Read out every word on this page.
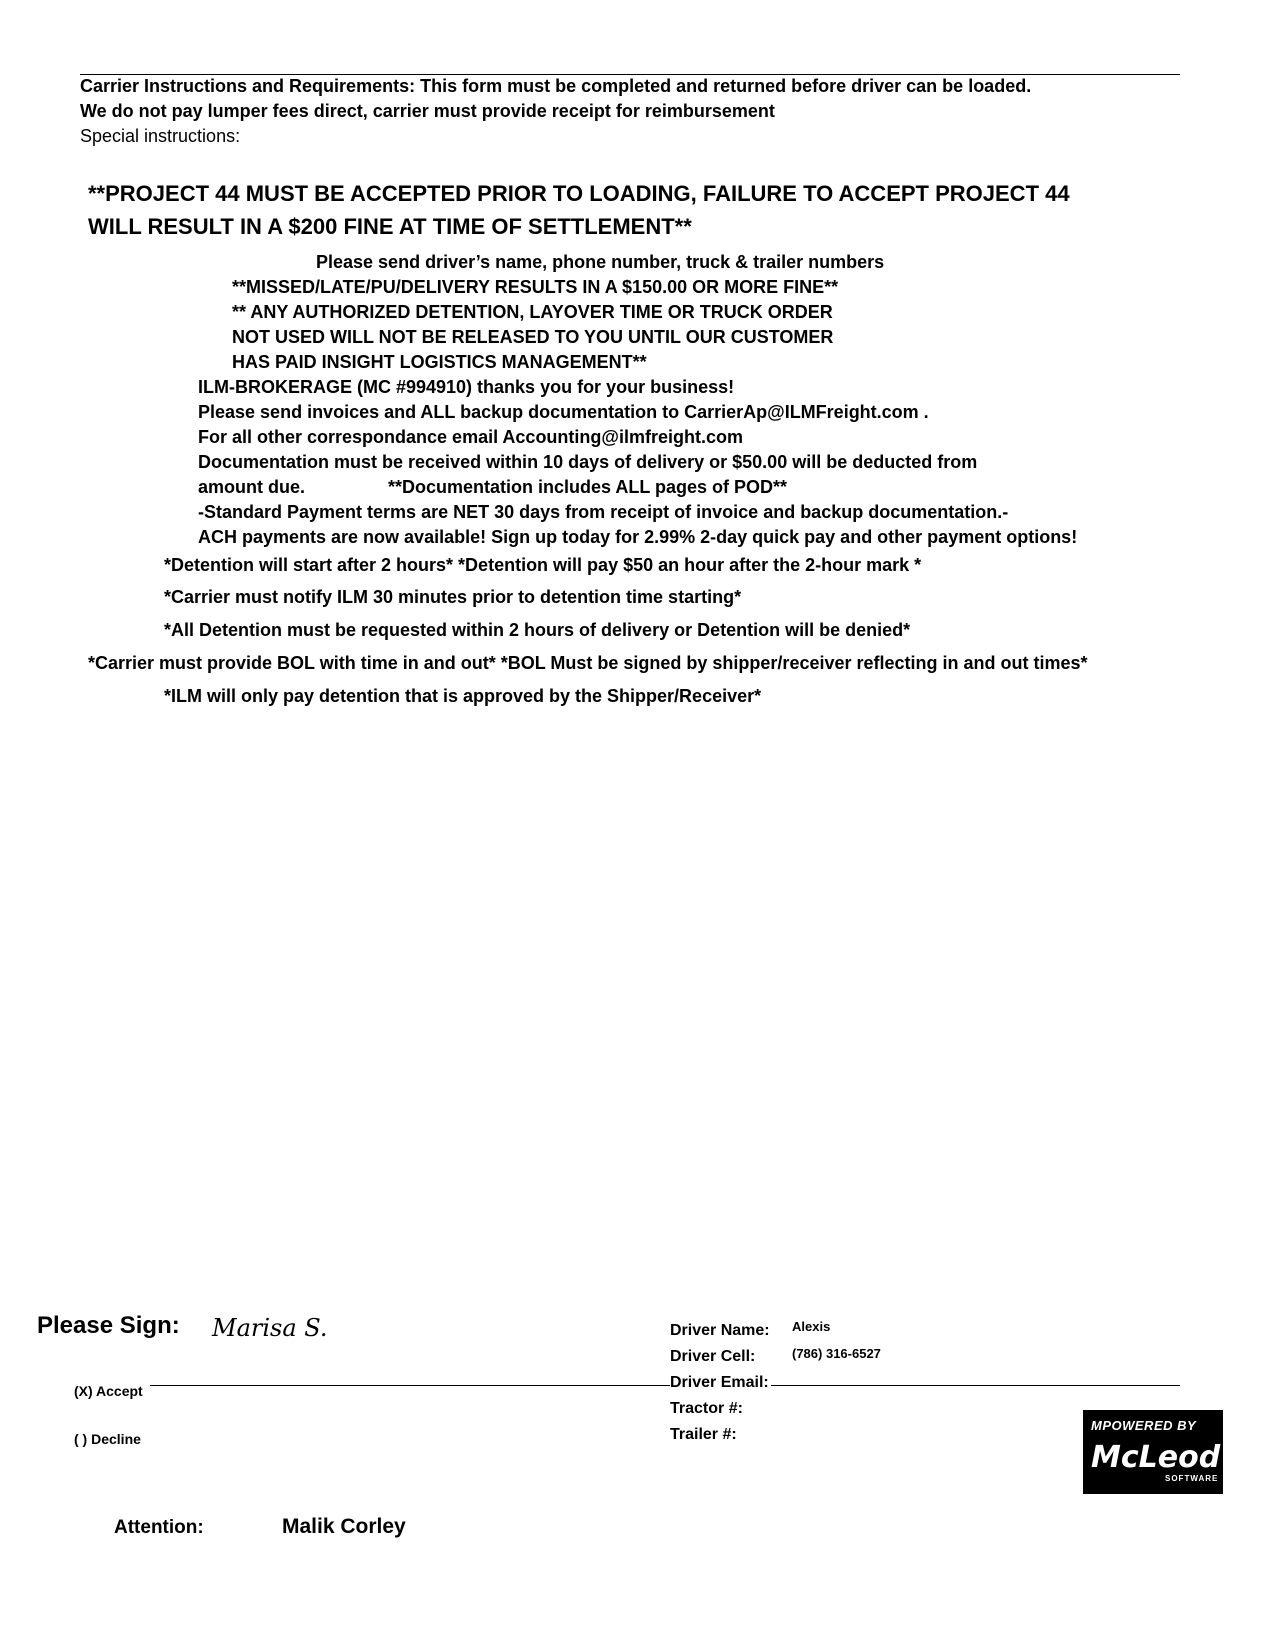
Carrier Instructions and Requirements: This form must be completed and returned before driver can be loaded.
We do not pay lumper fees direct, carrier must provide receipt for reimbursement
Special instructions:
**PROJECT 44 MUST BE ACCEPTED PRIOR TO LOADING, FAILURE TO ACCEPT PROJECT 44
WILL RESULT IN A $200 FINE AT TIME OF SETTLEMENT**
Please send driver’s name, phone number, truck & trailer numbers
**MISSED/LATE/PU/DELIVERY RESULTS IN A $150.00 OR MORE FINE**
** ANY AUTHORIZED DETENTION, LAYOVER TIME OR TRUCK ORDER
NOT USED WILL NOT BE RELEASED TO YOU UNTIL OUR CUSTOMER
HAS PAID INSIGHT LOGISTICS MANAGEMENT**
ILM-BROKERAGE (MC #994910) thanks you for your business!
Please send invoices and ALL backup documentation to CarrierAp@ILMFreight.com .
For all other correspondance email Accounting@ilmfreight.com
Documentation must be received within 10 days of delivery or $50.00 will be deducted from
amount due.	**Documentation includes ALL pages of POD**
-Standard Payment terms are NET 30 days from receipt of invoice and backup documentation.-
ACH payments are now available! Sign up today for 2.99% 2-day quick pay and other payment options!
*Detention will start after 2 hours* *Detention will pay $50 an hour after the 2-hour mark *
*Carrier must notify ILM 30 minutes prior to detention time starting*
*All Detention must be requested within 2 hours of delivery or Detention will be denied*
*Carrier must provide BOL with time in and out* *BOL Must be signed by shipper/receiver reflecting in and out times*
*ILM will only pay detention that is approved by the Shipper/Receiver*
Please Sign: Marisa S.
(X) Accept
( ) Decline
Driver Name: Alexis
Driver Cell:	(786) 316-6527
Driver Email:
Tractor #:
Trailer #:
MPOWERED BY
McLeod
SOFTWARE
Attention:	Malik Corley
